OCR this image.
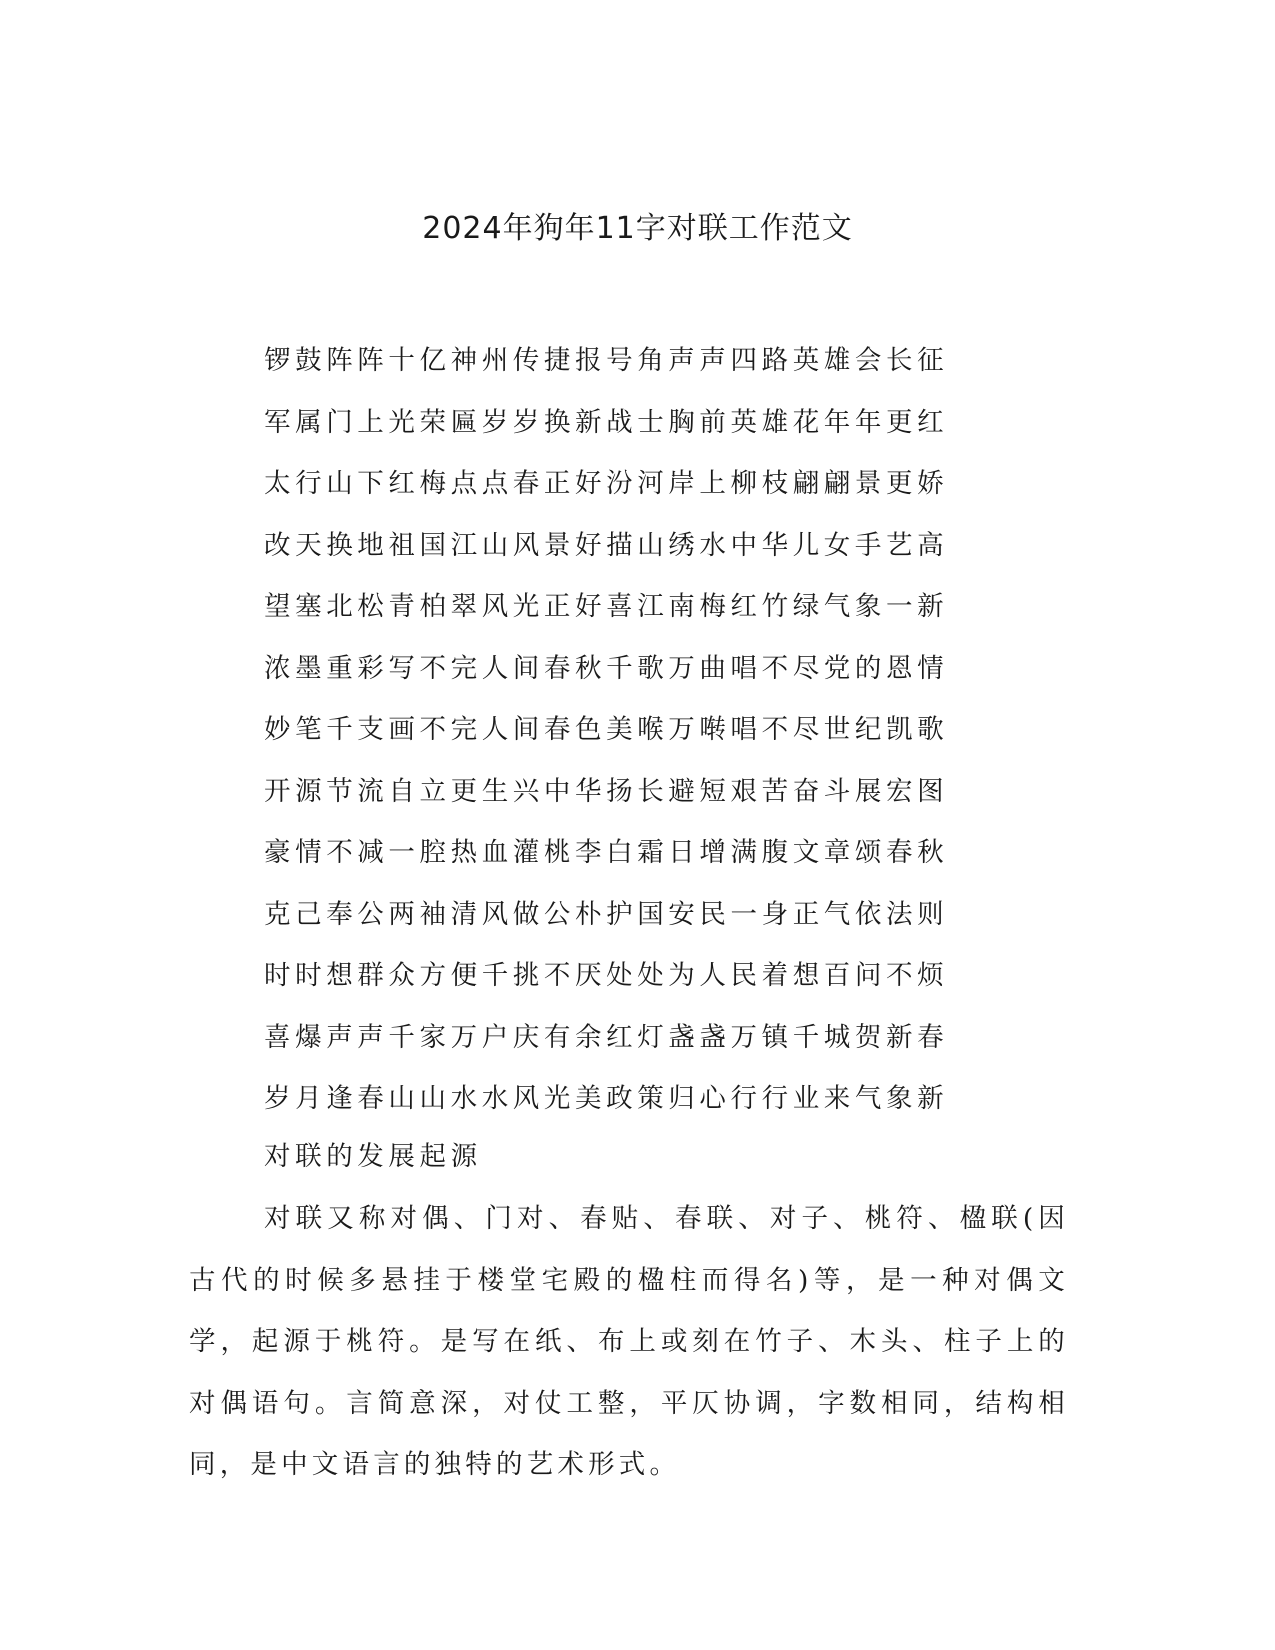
2024年狗年11字对联工作范文
锣鼓阵阵十亿神州传捷报号角声声四路英雄会长征
军属门上光荣匾岁岁换新战士胸前英雄花年年更红
太行山下红梅点点春正好汾河岸上柳枝翩翩景更娇
改天换地祖国江山风景好描山绣水中华儿女手艺高
望塞北松青柏翠风光正好喜江南梅红竹绿气象一新
浓墨重彩写不完人间春秋千歌万曲唱不尽党的恩情
妙笔千支画不完人间春色美喉万啭唱不尽世纪凯歌
开源节流自立更生兴中华扬长避短艰苦奋斗展宏图
豪情不减一腔热血灌桃李白霜日增满腹文章颂春秋
克己奉公两袖清风做公朴护国安民一身正气依法则
时时想群众方便千挑不厌处处为人民着想百问不烦
喜爆声声千家万户庆有余红灯盏盏万镇千城贺新春
岁月逢春山山水水风光美政策归心行行业来气象新
对联的发展起源

对联又称对偶、门对、春贴、春联、对子、桃符、楹联(因古代的时候多悬挂于楼堂宅殿的楹柱而得名)等，是一种对偶文学，起源于桃符。是写在纸、布上或刻在竹子、木头、柱子上的对偶语句。言简意深，对仗工整，平仄协调，字数相同，结构相同，是中文语言的独特的艺术形式。
